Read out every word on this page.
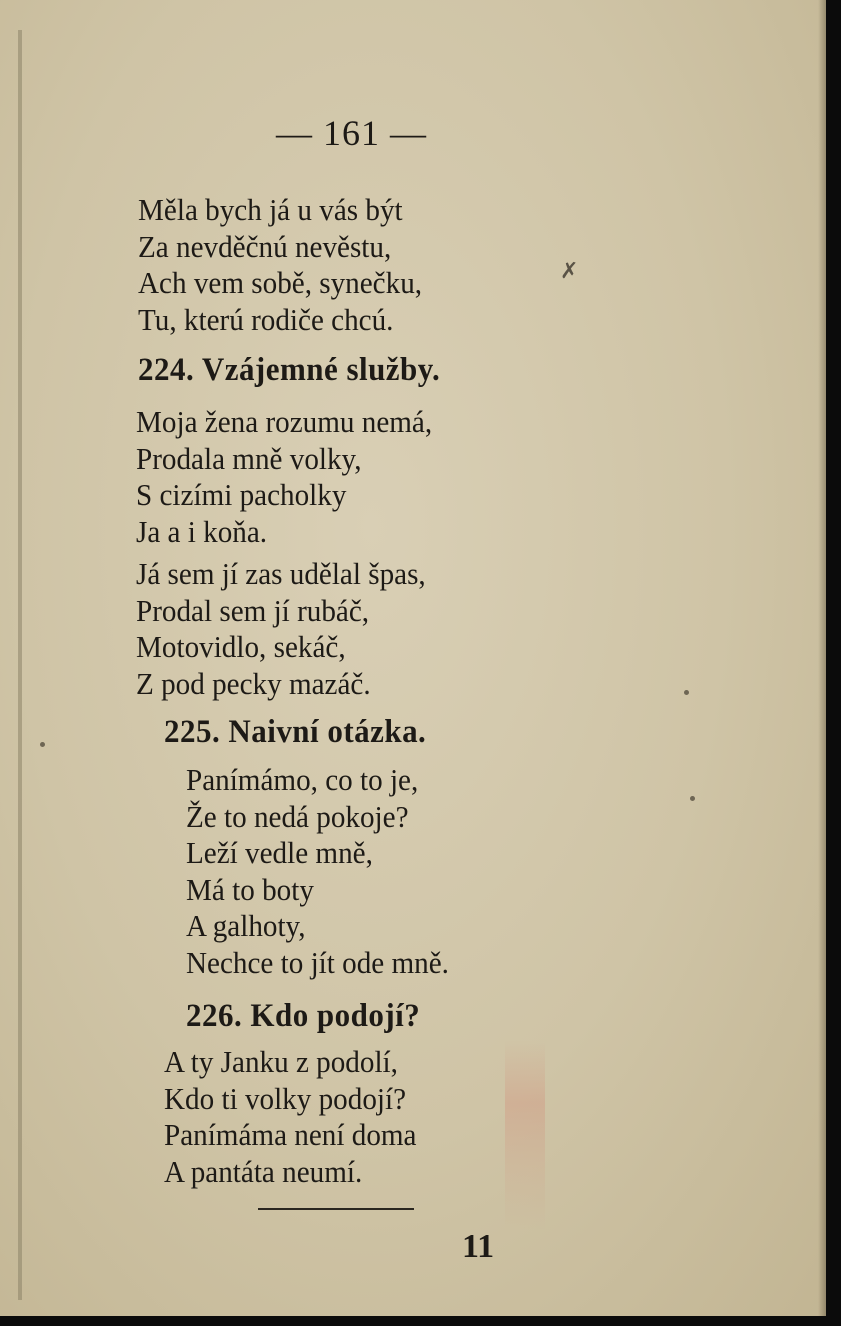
— 161 —
Měla bych já u vás být
Za nevděčnú nevěstu,
Ach vem sobě, synečku,
Tu, kterú rodiče chcú.
✗
224. Vzájemné služby.
Moja žena rozumu nemá,
Prodala mně volky,
S cizími pacholky
Ja a i koňa.
Já sem jí zas udělal špas,
Prodal sem jí rubáč,
Motovidlo, sekáč,
Z pod pecky mazáč.
225. Naivní otázka.
Panímámo, co to je,
Že to nedá pokoje?
Leží vedle mně,
Má to boty
A galhoty,
Nechce to jít ode mně.
226. Kdo podojí?
A ty Janku z podolí,
Kdo ti volky podojí?
Panímáma není doma
A pantáta neumí.
11
